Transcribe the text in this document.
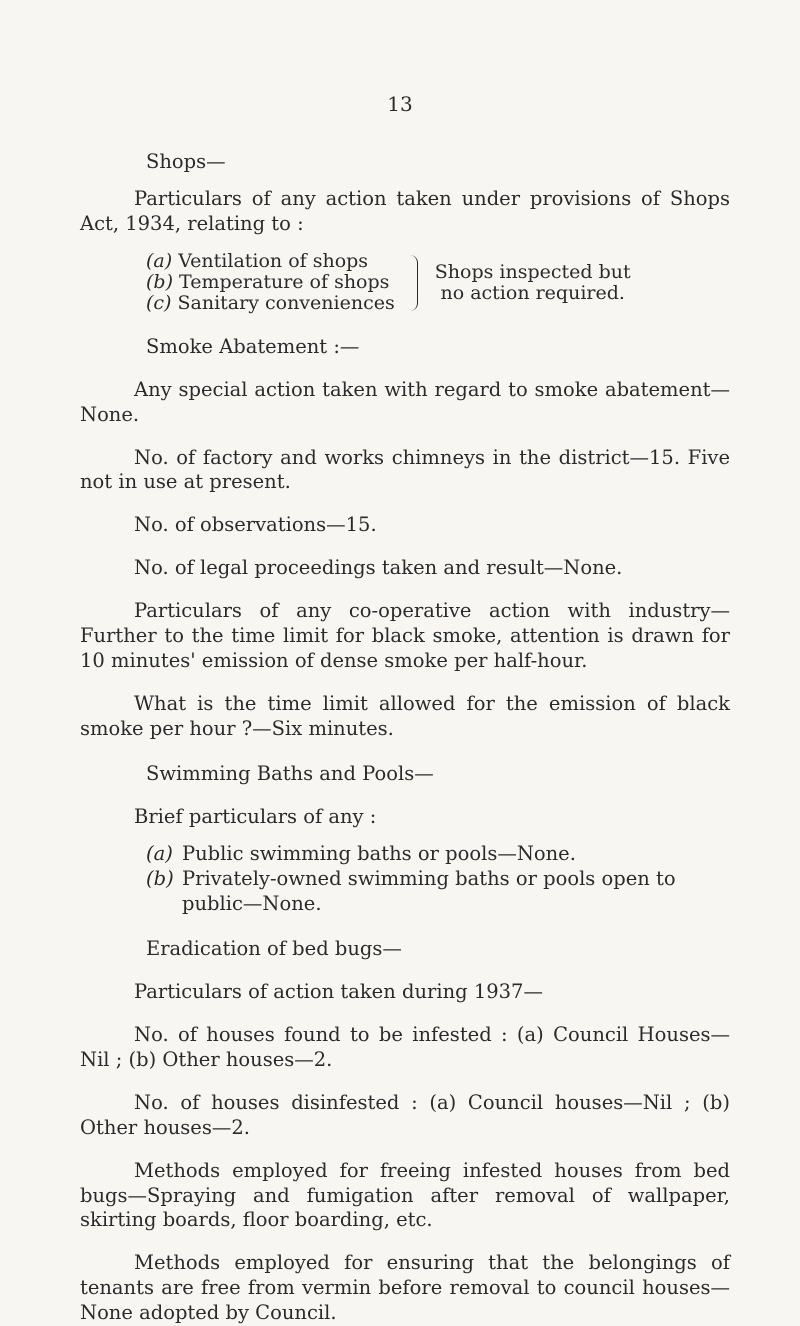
13

Shops—

Particulars of any action taken under provisions of Shops Act, 1934, relating to :

(a) Ventilation of shops
(b) Temperature of shops
(c) Sanitary conveniences
Shops inspected but no action required.

Smoke Abatement :—

Any special action taken with regard to smoke abatement— None.

No. of factory and works chimneys in the district—15. Five not in use at present.

No. of observations—15.

No. of legal proceedings taken and result—None.

Particulars of any co-operative action with industry— Further to the time limit for black smoke, attention is drawn for 10 minutes' emission of dense smoke per half-hour.

What is the time limit allowed for the emission of black smoke per hour ?—Six minutes.

Swimming Baths and Pools—

Brief particulars of any :

(a) Public swimming baths or pools—None.
(b) Privately-owned swimming baths or pools open to public—None.

Eradication of bed bugs—

Particulars of action taken during 1937—

No. of houses found to be infested : (a) Council Houses— Nil ; (b) Other houses—2.

No. of houses disinfested : (a) Council houses—Nil ; (b) Other houses—2.

Methods employed for freeing infested houses from bed bugs—Spraying and fumigation after removal of wallpaper, skirting boards, floor boarding, etc.

Methods employed for ensuring that the belongings of tenants are free from vermin before removal to council houses— None adopted by Council.
